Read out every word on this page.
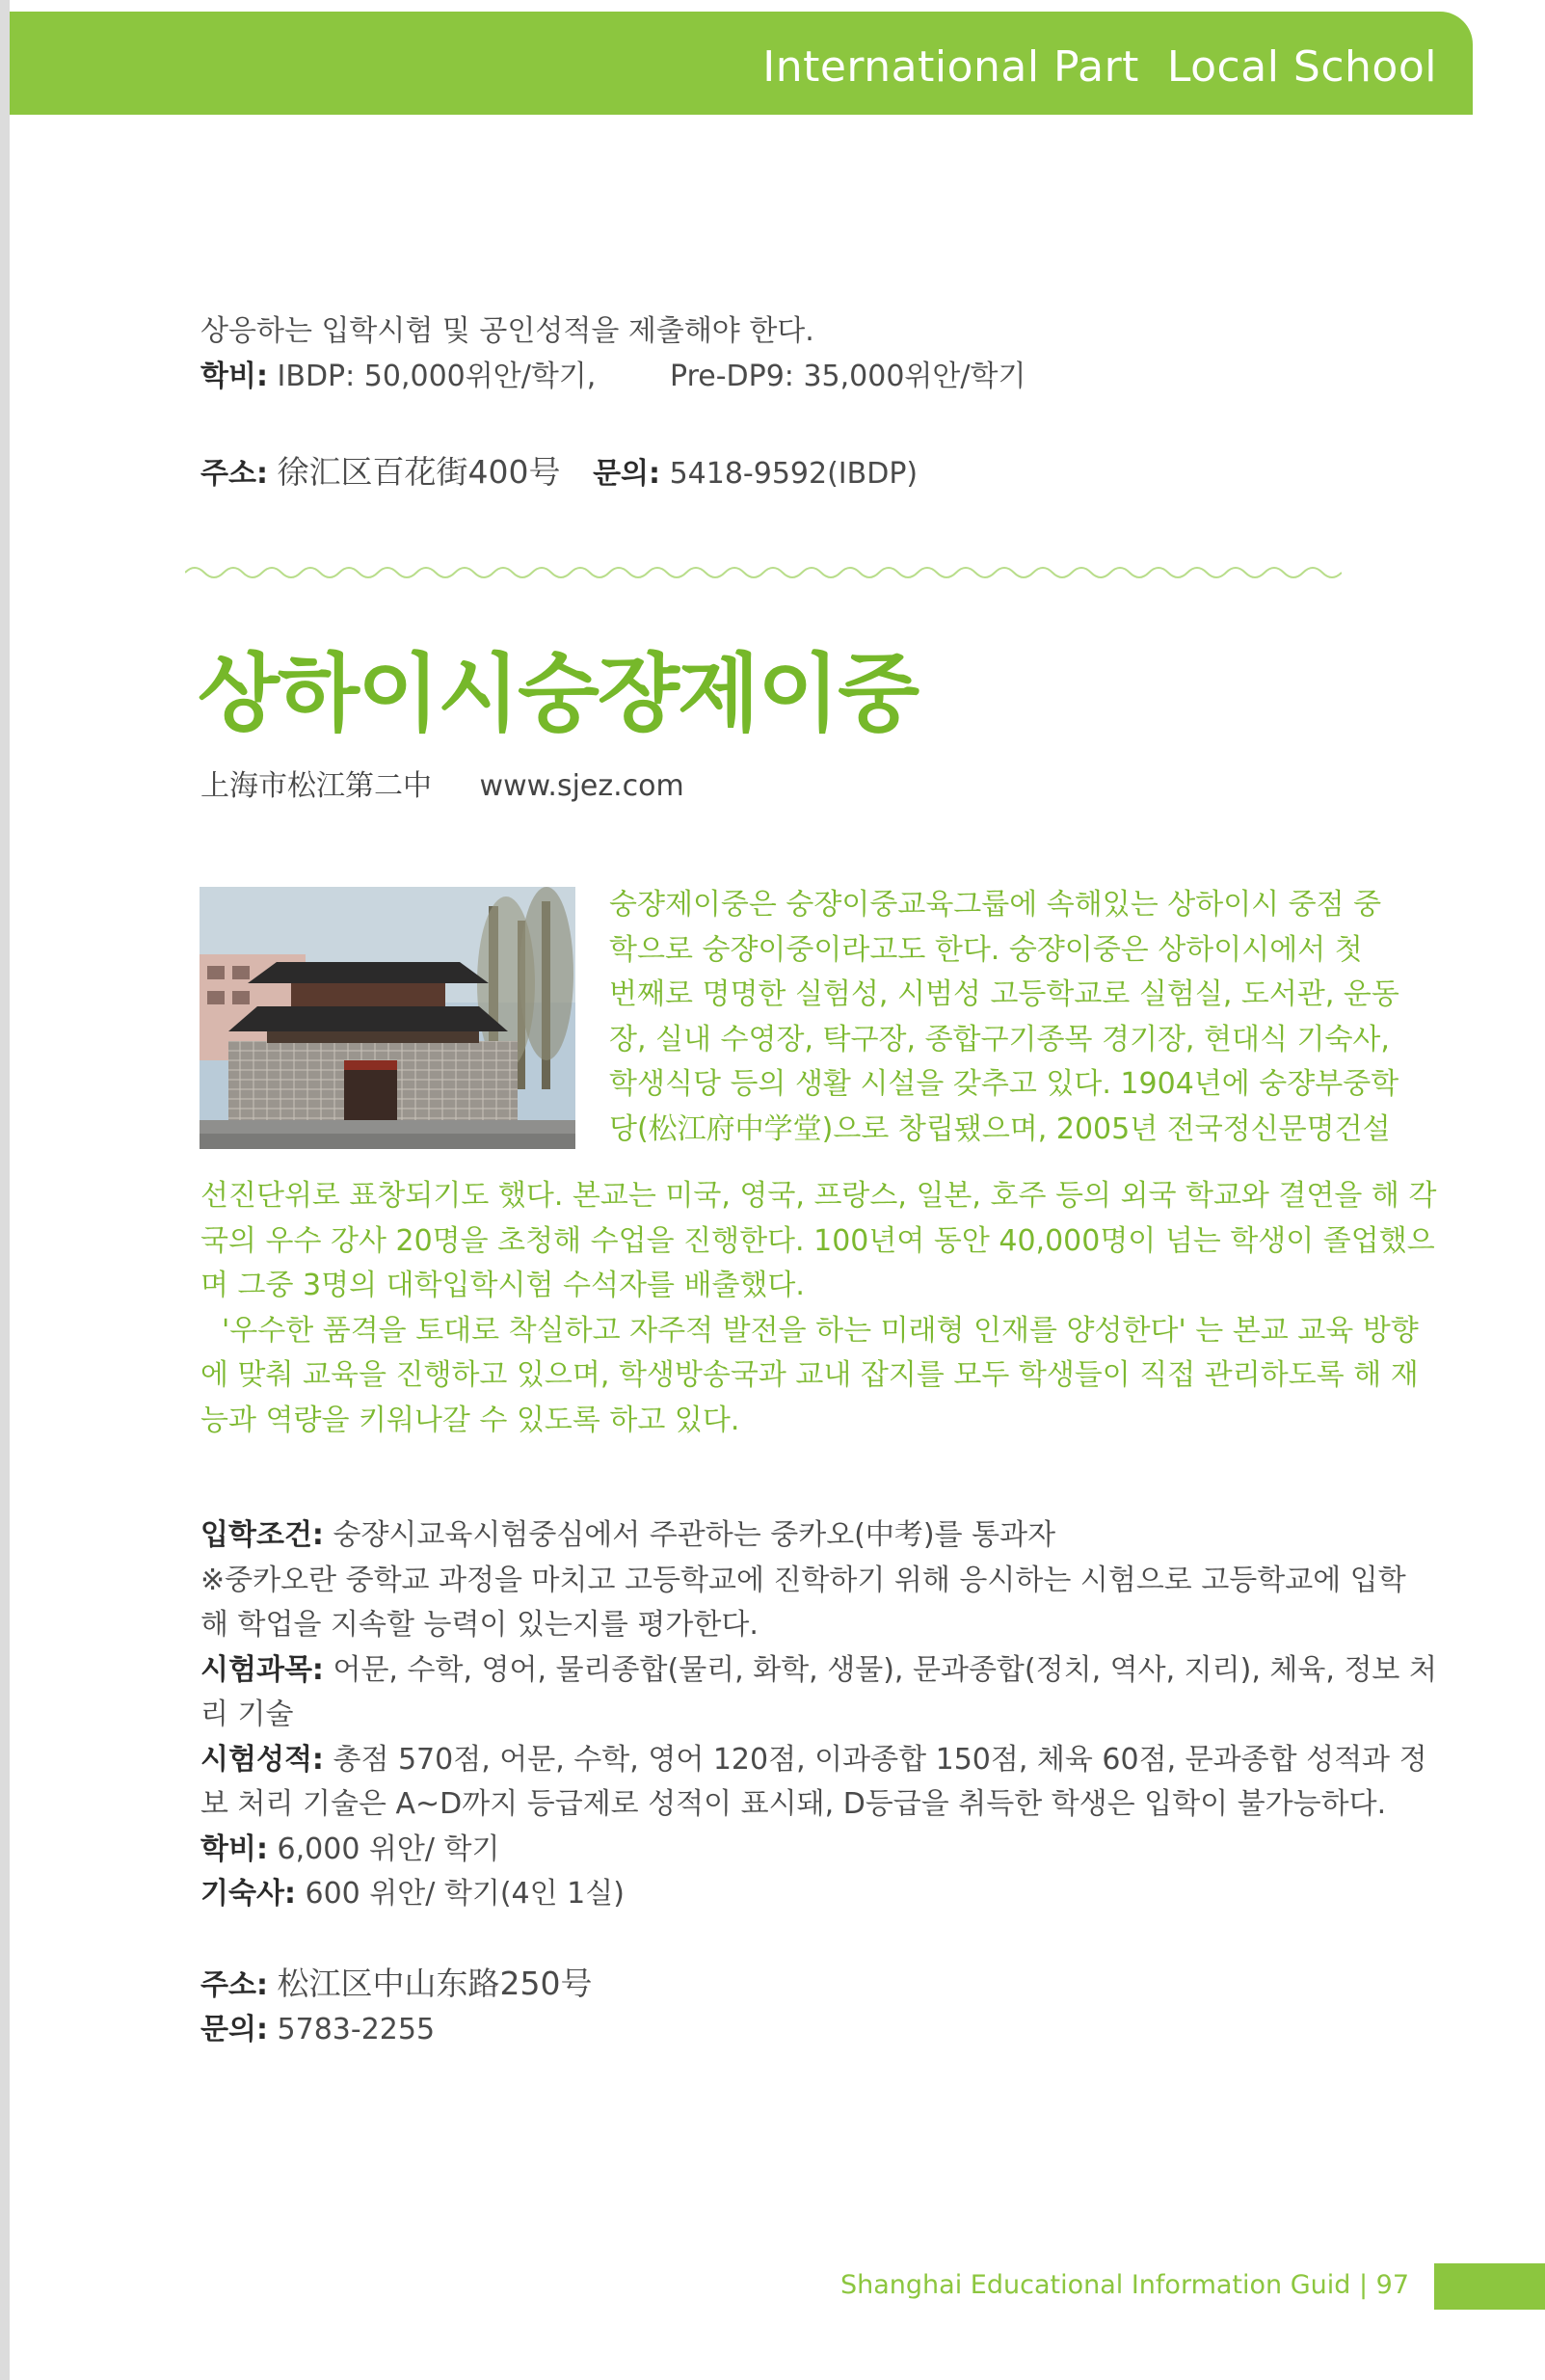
International Part  Local School
상응하는 입학시험 및 공인성적을 제출해야 한다.
학비: IBDP: 50,000위안/학기,	Pre-DP9: 35,000위안/학기
주소: 徐汇区百花街400号 문의: 5418-9592(IBDP)
상하이시숭쟝제이중
上海市松江第二中 www.sjez.com

숭쟝제이중은 숭쟝이중교육그룹에 속해있는 상하이시 중점 중

학으로 숭쟝이중이라고도 한다. 숭쟝이중은 상하이시에서 첫

번째로 명명한 실험성, 시범성 고등학교로 실험실, 도서관, 운동

장, 실내 수영장, 탁구장, 종합구기종목 경기장, 현대식 기숙사,

학생식당 등의 생활 시설을 갖추고 있다. 1904년에 숭쟝부중학

당(松江府中学堂)으로 창립됐으며, 2005년 전국정신문명건설

선진단위로 표창되기도 했다. 본교는 미국, 영국, 프랑스, 일본, 호주 등의 외국 학교와 결연을 해 각

국의 우수 강사 20명을 초청해 수업을 진행한다. 100년여 동안 40,000명이 넘는 학생이 졸업했으

며 그중 3명의 대학입학시험 수석자를 배출했다.

'우수한 품격을 토대로 착실하고 자주적 발전을 하는 미래형 인재를 양성한다' 는 본교 교육 방향

에 맞춰 교육을 진행하고 있으며, 학생방송국과 교내 잡지를 모두 학생들이 직접 관리하도록 해 재

능과 역량을 키워나갈 수 있도록 하고 있다.

입학조건: 숭쟝시교육시험중심에서 주관하는 중카오(中考)를 통과자

※중카오란 중학교 과정을 마치고 고등학교에 진학하기 위해 응시하는 시험으로 고등학교에 입학

해 학업을 지속할 능력이 있는지를 평가한다.

시험과목: 어문, 수학, 영어, 물리종합(물리, 화학, 생물), 문과종합(정치, 역사, 지리), 체육, 정보 처

리 기술

시험성적: 총점 570점, 어문, 수학, 영어 120점, 이과종합 150점, 체육 60점, 문과종합 성적과 정

보 처리 기술은 A~D까지 등급제로 성적이 표시돼, D등급을 취득한 학생은 입학이 불가능하다.

학비: 6,000 위안/ 학기

기숙사: 600 위안/ 학기(4인 1실)

주소: 松江区中山东路250号

문의: 5783-2255

Shanghai Educational Information Guid | 97
